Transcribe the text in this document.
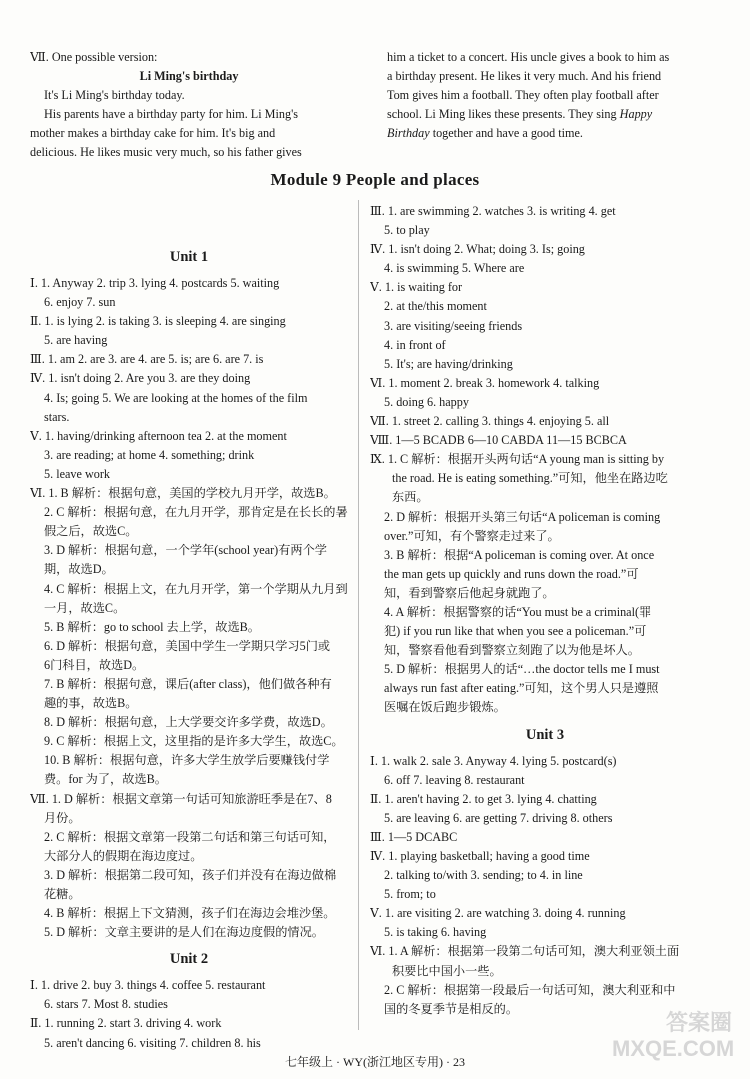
Ⅶ. One possible version:
Li Ming's birthday
It's Li Ming's birthday today.
His parents have a birthday party for him. Li Ming's
mother makes a birthday cake for him. It's big and
delicious. He likes music very much, so his father gives
him a ticket to a concert. His uncle gives a book to him as
a birthday present. He likes it very much. And his friend
Tom gives him a football. They often play football after
school. Li Ming likes these presents. They sing Happy
Birthday together and have a good time.
Module 9 People and places
Unit 1
Ⅰ. 1. Anyway 2. trip 3. lying 4. postcards 5. waiting
6. enjoy 7. sun
Ⅱ. 1. is lying 2. is taking 3. is sleeping 4. are singing
5. are having
Ⅲ. 1. am 2. are 3. are 4. are 5. is; are 6. are 7. is
Ⅳ. 1. isn't doing 2. Are you 3. are they doing
4. Is; going 5. We are looking at the homes of the film
stars.
Ⅴ. 1. having/drinking afternoon tea 2. at the moment
3. are reading; at home 4. something; drink
5. leave work
Ⅵ. 1. B 解析：根据句意，美国的学校九月开学，故选B。
2. C 解析：根据句意，在九月开学，那肯定是在长长的暑
假之后，故选C。
3. D 解析：根据句意，一个学年(school year)有两个学
期，故选D。
4. C 解析：根据上文，在九月开学，第一个学期从九月到
一月，故选C。
5. B 解析：go to school 去上学，故选B。
6. D 解析：根据句意，美国中学生一学期只学习5门或
6门科目，故选D。
7. B 解析：根据句意，课后(after class)，他们做各种有
趣的事，故选B。
8. D 解析：根据句意，上大学要交许多学费，故选D。
9. C 解析：根据上文，这里指的是许多大学生，故选C。
10. B 解析：根据句意，许多大学生放学后要赚钱付学
费。for 为了，故选B。
Ⅶ. 1. D 解析：根据文章第一句话可知旅游旺季是在7、8
月份。
2. C 解析：根据文章第一段第二句话和第三句话可知，
大部分人的假期在海边度过。
3. D 解析：根据第二段可知，孩子们并没有在海边做棉
花糖。
4. B 解析：根据上下文猜测，孩子们在海边会堆沙堡。
5. D 解析：文章主要讲的是人们在海边度假的情况。
Unit 2
Ⅰ. 1. drive 2. buy 3. things 4. coffee 5. restaurant
6. stars 7. Most 8. studies
Ⅱ. 1. running 2. start 3. driving 4. work
5. aren't dancing 6. visiting 7. children 8. his
Ⅲ. 1. are swimming 2. watches 3. is writing 4. get
5. to play
Ⅳ. 1. isn't doing 2. What; doing 3. Is; going
4. is swimming 5. Where are
Ⅴ. 1. is waiting for
2. at the/this moment
3. are visiting/seeing friends
4. in front of
5. It's; are having/drinking
Ⅵ. 1. moment 2. break 3. homework 4. talking
5. doing 6. happy
Ⅶ. 1. street 2. calling 3. things 4. enjoying 5. all
Ⅷ. 1—5 BCADB 6—10 CABDA 11—15 BCBCA
Ⅸ. 1. C 解析：根据开头两句话“A young man is sitting by
the road. He is eating something.”可知，他坐在路边吃
东西。
2. D 解析：根据开头第三句话“A policeman is coming
over.”可知，有个警察走过来了。
3. B 解析：根据“A policeman is coming over. At once
the man gets up quickly and runs down the road.”可
知，看到警察后他起身就跑了。
4. A 解析：根据警察的话“You must be a criminal(罪
犯) if you run like that when you see a policeman.”可
知，警察看他看到警察立刻跑了以为他是坏人。
5. D 解析：根据男人的话“…the doctor tells me I must
always run fast after eating.”可知，这个男人只是遵照
医嘱在饭后跑步锻炼。
Unit 3
Ⅰ. 1. walk 2. sale 3. Anyway 4. lying 5. postcard(s)
6. off 7. leaving 8. restaurant
Ⅱ. 1. aren't having 2. to get 3. lying 4. chatting
5. are leaving 6. are getting 7. driving 8. others
Ⅲ. 1—5 DCABC
Ⅳ. 1. playing basketball; having a good time
2. talking to/with 3. sending; to 4. in line
5. from; to
Ⅴ. 1. are visiting 2. are watching 3. doing 4. running
5. is taking 6. having
Ⅵ. 1. A 解析：根据第一段第二句话可知，澳大利亚领土面
积要比中国小一些。
2. C 解析：根据第一段最后一句话可知，澳大利亚和中
国的冬夏季节是相反的。
七年级上 · WY(浙江地区专用) · 23
答案圈 MXQE.COM
